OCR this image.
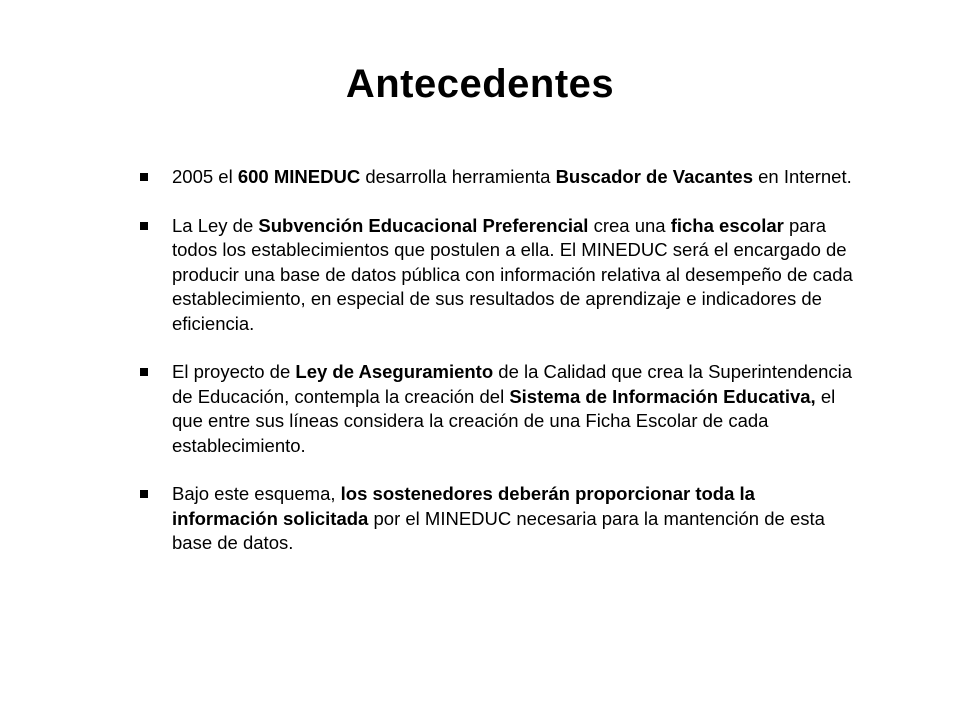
Antecedentes
2005 el 600 MINEDUC desarrolla herramienta Buscador de Vacantes en Internet.
La Ley de Subvención Educacional Preferencial crea una ficha escolar para todos los establecimientos que postulen a ella. El MINEDUC será el encargado de producir una base de datos pública con información relativa al desempeño de cada establecimiento, en especial de sus resultados de aprendizaje e indicadores de eficiencia.
El proyecto de Ley de Aseguramiento de la Calidad que crea la Superintendencia de Educación, contempla la creación del Sistema de Información Educativa, el que entre sus líneas considera la creación de una Ficha Escolar de cada establecimiento.
Bajo este esquema, los sostenedores deberán proporcionar toda la información solicitada por el MINEDUC necesaria para la mantención de esta base de datos.
